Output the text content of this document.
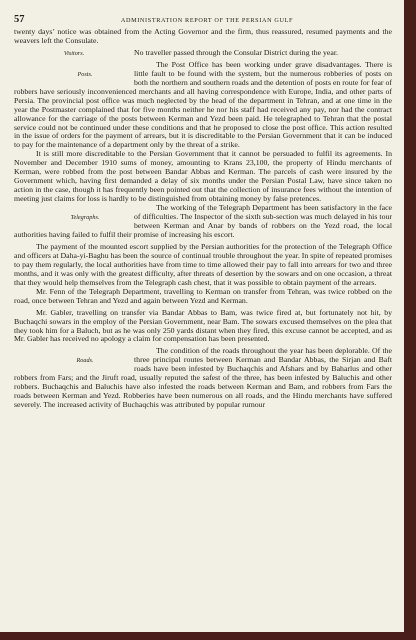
57	ADMINISTRATION REPORT OF THE PERSIAN GULF

twenty days’ notice was obtained from the Acting Governor and the firm, thus reassured, resumed payments and the weavers left the Consulate.

Visitors.	No traveller passed through the Consular District during the year.

Posts.
The Post Office has been working under grave disadvantages. There is little fault to be found with the system, but the numerous robberies of posts on both the northern and southern roads and the detention of posts en route for fear of robbers have seriously inconvenienced merchants and all having correspondence with Europe, India, and other parts of Persia. The provincial post office was much neglected by the head of the department in Tehran, and at one time in the year the Postmaster complained that for five months neither he nor his staff had received any pay, nor had the contract allowance for the carriage of the posts between Kerman and Yezd been paid. He telegraphed to Tehran that the postal service could not be continued under these conditions and that he proposed to close the post office. This action resulted in the issue of orders for the payment of arrears, but it is discreditable to the Persian Government that it can be induced to pay for the maintenance of a department only by the threat of a strike.

It is still more discreditable to the Persian Government that it cannot be persuaded to fulfil its agreements. In November and December 1910 sums of money, amounting to Krans 23,100, the property of Hindu merchants of Kerman, were robbed from the post between Bandar Abbas and Kerman. The parcels of cash were insured by the Government which, having first demanded a delay of six months under the Persian Postal Law, have since taken no action in the case, though it has frequently been pointed out that the collection of insurance fees without the intention of meeting just claims for loss is hardly to be distinguished from obtaining money by false pretences.

Telegraphs.
The working of the Telegraph Department has been satisfactory in the face of difficulties. The Inspector of the sixth sub-section was much delayed in his tour between Kerman and Anar by bands of robbers on the Yezd road, the local authorities having failed to fulfil their promise of increasing his escort.

The payment of the mounted escort supplied by the Persian authorities for the protection of the Telegraph Office and officers at Daha-yi-Baghu has been the source of continual trouble throughout the year. In spite of repeated promises to pay them regularly, the local authorities have from time to time allowed their pay to fall into arrears for two and three months, and it was only with the greatest difficulty, after threats of desertion by the sowars and on one occasion, a threat that they would help themselves from the Telegraph cash chest, that it was possible to obtain payment of the arrears.

Mr. Fenn of the Telegraph Department, travelling to Kerman on transfer from Tehran, was twice robbed on the road, once between Tehran and Yezd and again between Yezd and Kerman.

Mr. Gabler, travelling on transfer via Bandar Abbas to Bam, was twice fired at, but fortunately not hit, by Buchaqchi sowars in the employ of the Persian Government, near Bam. The sowars excused themselves on the plea that they took him for a Baluch, but as he was only 250 yards distant when they fired, this excuse cannot be accepted, and as Mr. Gabler has received no apology a claim for compensation has been presented.

Roads.
The condition of the roads throughout the year has been deplorable. Of the three principal routes between Kerman and Bandar Abbas, the Sirjan and Baft roads have been infested by Buchaqchis and Afshars and by Baharlus and other robbers from Fars; and the Jiruft road, usually reputed the safest of the three, has been infested by Baluchis and other robbers. Buchaqchis and Baluchis have also infested the roads between Kerman and Bam, and robbers from Fars the roads between Kerman and Yezd. Robberies have been numerous on all roads, and the Hindu merchants have suffered severely. The increased activity of Buchaqchis was attributed by popular rumour
